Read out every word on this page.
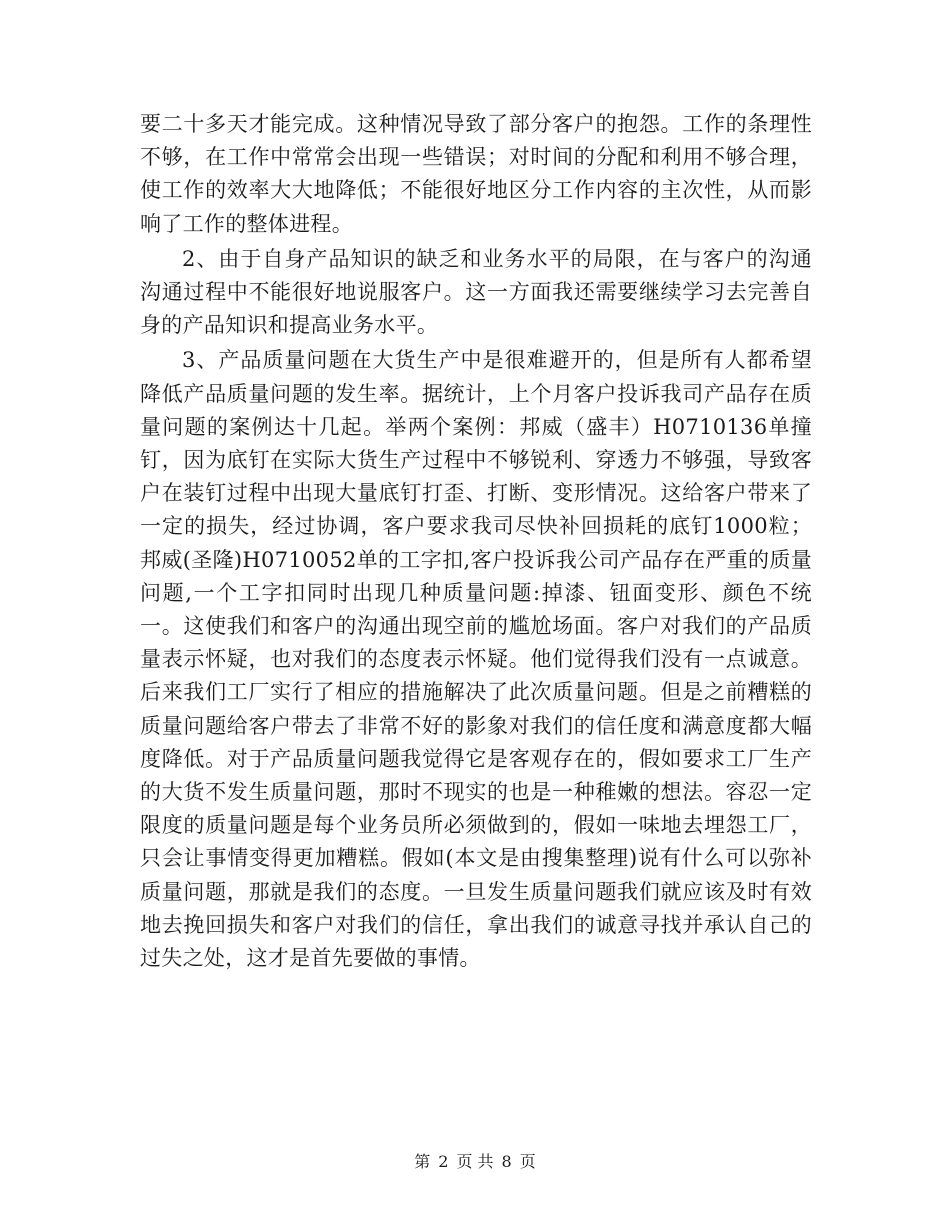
要二十多天才能完成。这种情况导致了部分客户的抱怨。工作的条理性不够，在工作中常常会出现一些错误；对时间的分配和利用不够合理，使工作的效率大大地降低；不能很好地区分工作内容的主次性，从而影响了工作的整体进程。

2、由于自身产品知识的缺乏和业务水平的局限，在与客户的沟通沟通过程中不能很好地说服客户。这一方面我还需要继续学习去完善自身的产品知识和提高业务水平。

3、产品质量问题在大货生产中是很难避开的，但是所有人都希望降低产品质量问题的发生率。据统计，上个月客户投诉我司产品存在质量问题的案例达十几起。举两个案例：邦威（盛丰）H0710136单撞钉，因为底钉在实际大货生产过程中不够锐利、穿透力不够强，导致客户在装钉过程中出现大量底钉打歪、打断、变形情况。这给客户带来了一定的损失，经过协调，客户要求我司尽快补回损耗的底钉1000粒；邦威(圣隆)H0710052单的工字扣,客户投诉我公司产品存在严重的质量问题,一个工字扣同时出现几种质量问题:掉漆、钮面变形、颜色不统一。这使我们和客户的沟通出现空前的尴尬场面。客户对我们的产品质量表示怀疑，也对我们的态度表示怀疑。他们觉得我们没有一点诚意。后来我们工厂实行了相应的措施解决了此次质量问题。但是之前糟糕的质量问题给客户带去了非常不好的影象对我们的信任度和满意度都大幅度降低。对于产品质量问题我觉得它是客观存在的，假如要求工厂生产的大货不发生质量问题，那时不现实的也是一种稚嫩的想法。容忍一定限度的质量问题是每个业务员所必须做到的，假如一味地去埋怨工厂，只会让事情变得更加糟糕。假如(本文是由搜集整理)说有什么可以弥补质量问题，那就是我们的态度。一旦发生质量问题我们就应该及时有效地去挽回损失和客户对我们的信任，拿出我们的诚意寻找并承认自己的过失之处，这才是首先要做的事情。

第 2 页 共 8 页
